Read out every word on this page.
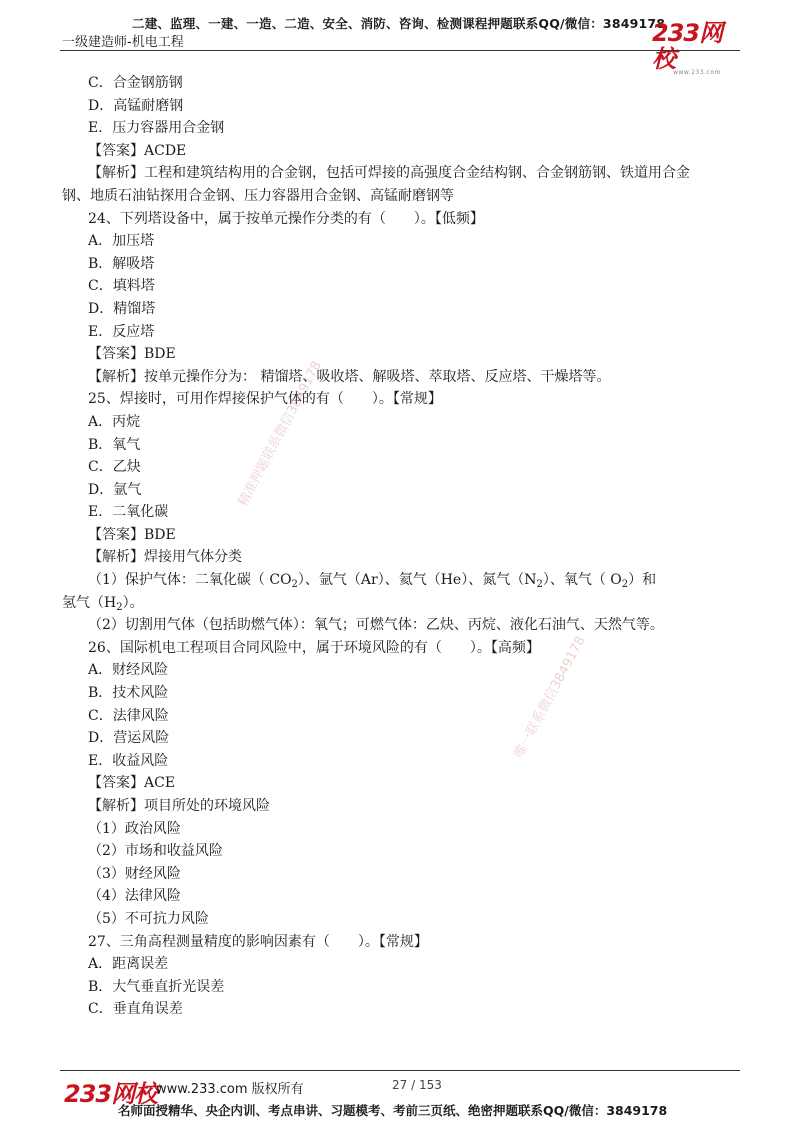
二建、监理、一建、一造、二造、安全、消防、咨询、检测课程押题联系QQ/微信：3849178
一级建造师-机电工程	233网校
www.233.com
C．合金钢筋钢
D．高锰耐磨钢
E．压力容器用合金钢
【答案】ACDE
【解析】工程和建筑结构用的合金钢，包括可焊接的高强度合金结构钢、合金钢筋钢、铁道用合金
钢、地质石油钻探用合金钢、压力容器用合金钢、高锰耐磨钢等
24、下列塔设备中，属于按单元操作分类的有（　　）。【低频】
A．加压塔
B．解吸塔
C．填料塔
D．精馏塔
E．反应塔
【答案】BDE
【解析】按单元操作分为： 精馏塔、吸收塔、解吸塔、萃取塔、反应塔、干燥塔等。
25、焊接时，可用作焊接保护气体的有（　　）。【常规】
A．丙烷
B．氧气
C．乙炔
D．氩气
E．二氧化碳
【答案】BDE
【解析】焊接用气体分类
（1）保护气体：二氧化碳（ $CO_2$）、氩气（Ar）、氦气（He）、氮气$(N_2)$、氧气（ $O_2$）和
氢气$(H_2)$。
（2）切割用气体（包括助燃气体）：氧气；可燃气体：乙炔、丙烷、液化石油气、天然气等。
26、国际机电工程项目合同风险中，属于环境风险的有（　　）。【高频】
A．财经风险
B．技术风险
C．法律风险
D．营运风险
E．收益风险
【答案】ACE
【解析】项目所处的环境风险
（1）政治风险
（2）市场和收益风险
（3）财经风险
（4）法律风险
（5）不可抗力风险
27、三角高程测量精度的影响因素有（　　）。【常规】
A．距离误差
B．大气垂直折光误差
C．垂直角误差
精准押题联系微信3849178
唯一联系微信3849178
233网校
www.233.com 版权所有	27 / 153
名师面授精华、央企内训、考点串讲、习题模考、考前三页纸、绝密押题联系QQ/微信：3849178
